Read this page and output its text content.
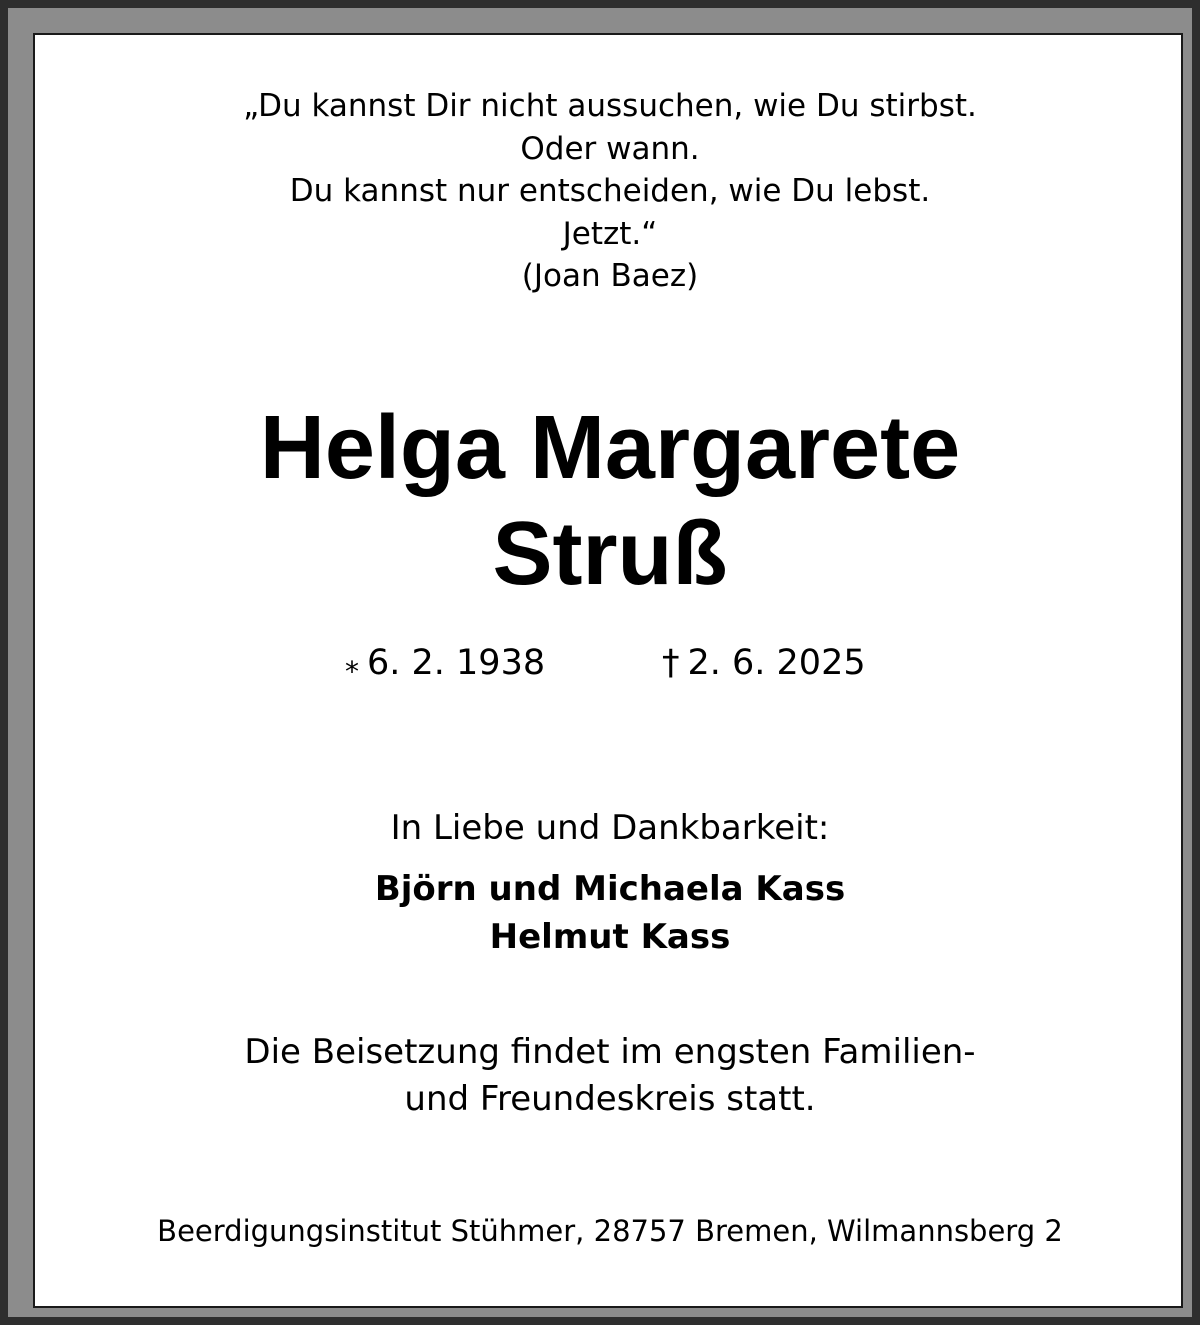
„Du kannst Dir nicht aussuchen, wie Du stirbst.
Oder wann.
Du kannst nur entscheiden, wie Du lebst.
Jetzt.“
(Joan Baez)
Helga Margarete
Struß
⁎ 6. 2. 1938	† 2. 6. 2025
In Liebe und Dankbarkeit:
Björn und Michaela Kass
Helmut Kass
Die Beisetzung findet im engsten Familien-
und Freundeskreis statt.
Beerdigungsinstitut Stühmer, 28757 Bremen, Wilmannsberg 2
